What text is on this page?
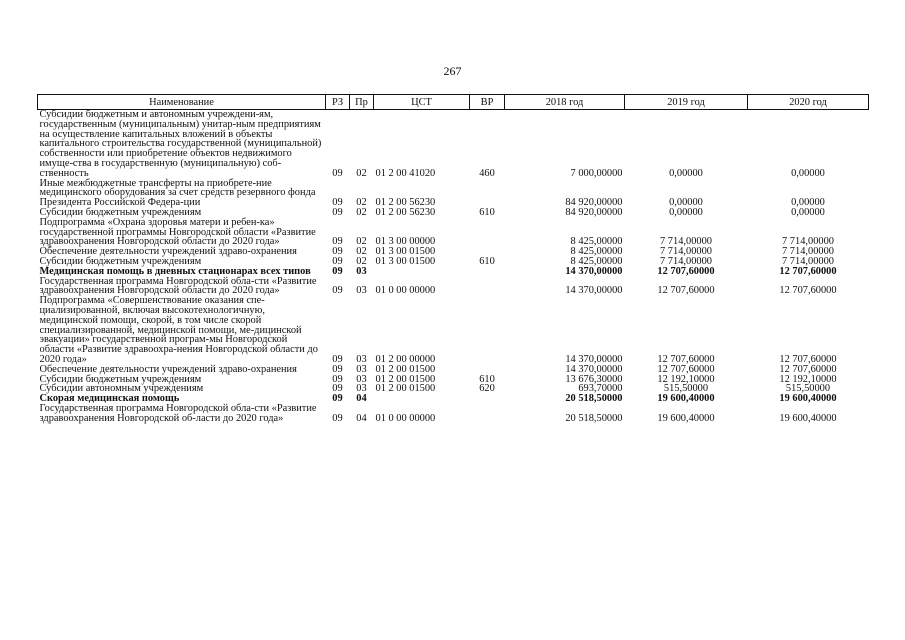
267
Наименование	РЗ	Пр	ЦСТ	ВР	2018 год	2019 год	2020 год
Субсидии бюджетным и автономным учреждени-ям, государственным (муниципальным) унитар-ным предприятиям на осуществление капитальных вложений в объекты капитального строительства государственной (муниципальной) собственности или приобретение объектов недвижимого имуще-ства в государственную (муниципальную) соб-ственность	09	02	01 2 00 41020	460	7 000,00000	0,00000	0,00000
Иные межбюджетные трансферты на приобрете-ние медицинского оборудования за счет средств резервного фонда Президента Российской Федера-ции	09	02	01 2 00 56230		84 920,00000	0,00000	0,00000
Субсидии бюджетным учреждениям	09	02	01 2 00 56230	610	84 920,00000	0,00000	0,00000
Подпрограмма «Охрана здоровья матери и ребен-ка» государственной программы Новгородской области «Развитие здравоохранения Новгородской области до 2020 года»	09	02	01 3 00 00000		8 425,00000	7 714,00000	7 714,00000
Обеспечение деятельности учреждений здраво-охранения	09	02	01 3 00 01500		8 425,00000	7 714,00000	7 714,00000
Субсидии бюджетным учреждениям	09	02	01 3 00 01500	610	8 425,00000	7 714,00000	7 714,00000
Медицинская помощь в дневных стационарах всех типов	09	03			14 370,00000	12 707,60000	12 707,60000
Государственная программа Новгородской обла-сти «Развитие здравоохранения Новгородской области до 2020 года»	09	03	01 0 00 00000		14 370,00000	12 707,60000	12 707,60000
Подпрограмма «Совершенствование оказания спе-циализированной, включая высокотехнологичную, медицинской помощи, скорой, в том числе скорой специализированной, медицинской помощи, ме-дицинской эвакуации» государственной програм-мы Новгородской области «Развитие здравоохра-нения Новгородской области до 2020 года»	09	03	01 2 00 00000		14 370,00000	12 707,60000	12 707,60000
Обеспечение деятельности учреждений здраво-охранения	09	03	01 2 00 01500		14 370,00000	12 707,60000	12 707,60000
Субсидии бюджетным учреждениям	09	03	01 2 00 01500	610	13 676,30000	12 192,10000	12 192,10000
Субсидии автономным учреждениям	09	03	01 2 00 01500	620	693,70000	515,50000	515,50000
Скорая медицинская помощь	09	04			20 518,50000	19 600,40000	19 600,40000
Государственная программа Новгородской обла-сти «Развитие здравоохранения Новгородской об-ласти до 2020 года»	09	04	01 0 00 00000		20 518,50000	19 600,40000	19 600,40000
